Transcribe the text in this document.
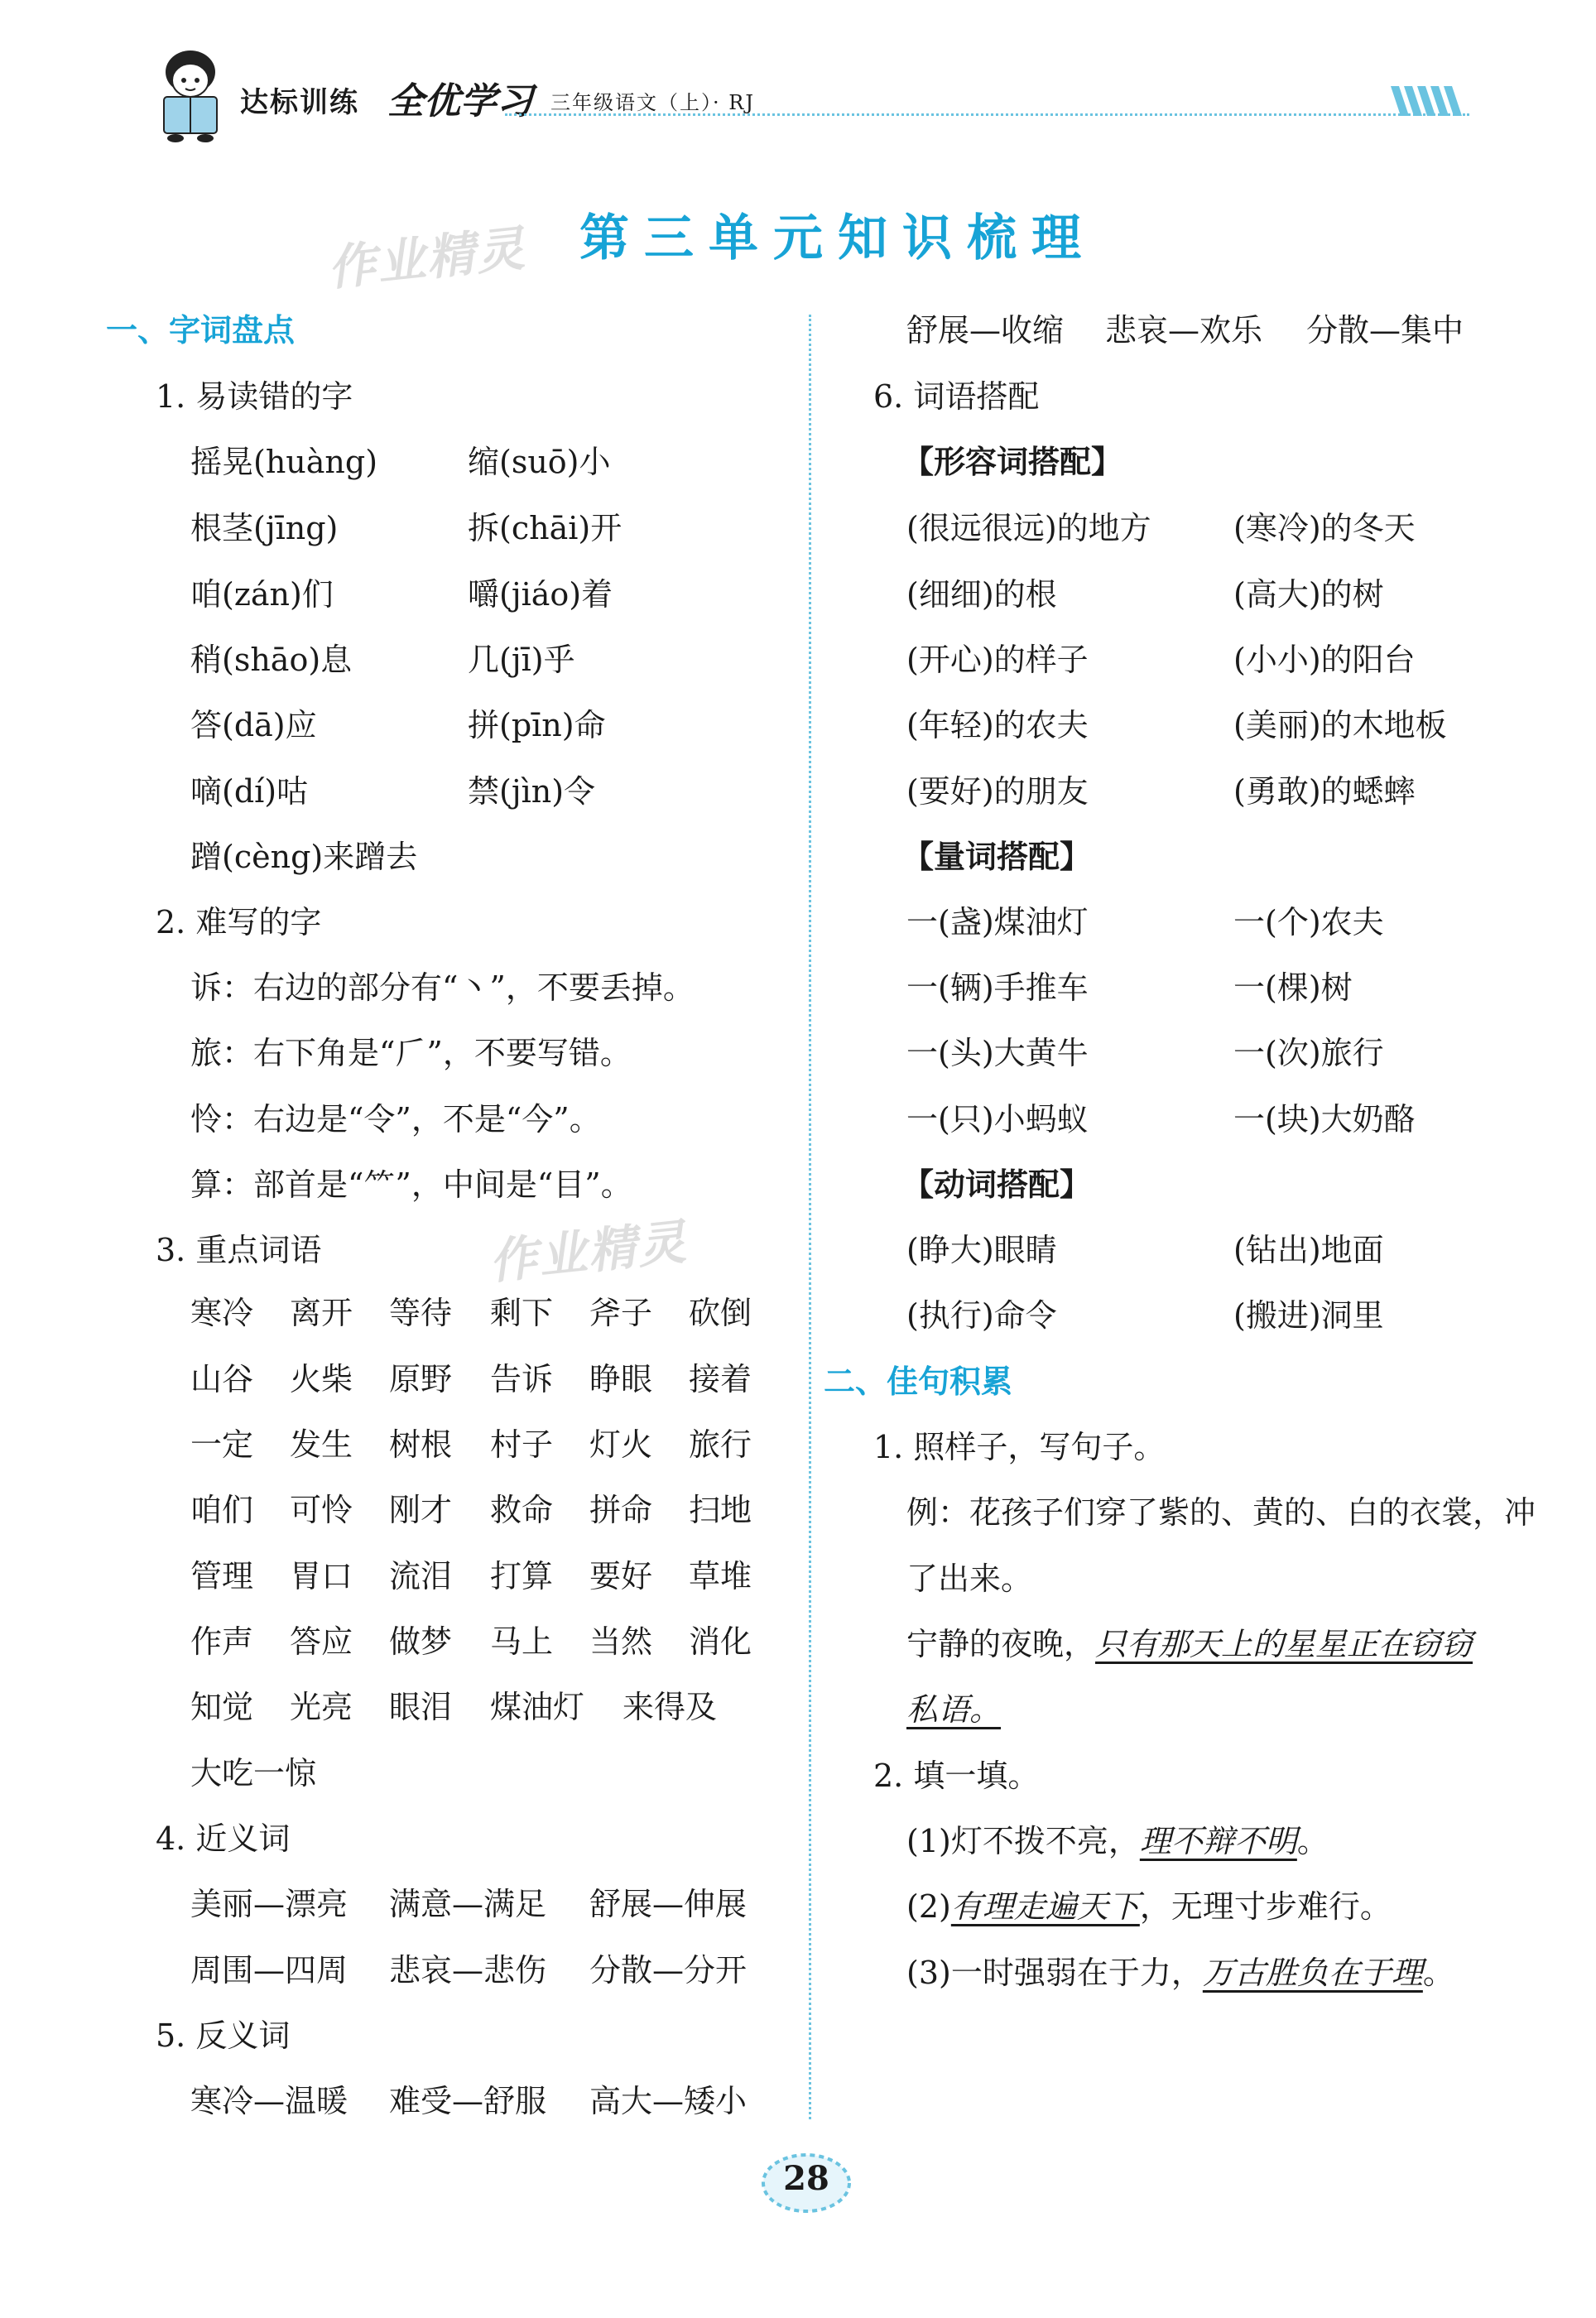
达标训练 全优学习 三年级语文（上）· RJ
作业精灵 第三单元知识梳理
作业精灵
一、字词盘点
1. 易读错的字
摇晃(huàng)	缩(suō)小
根茎(jīng)	拆(chāi)开
咱(zán)们	嚼(jiáo)着
稍(shāo)息	几(jī)乎
答(dā)应	拼(pīn)命
嘀(dí)咕	禁(jìn)令
蹭(cèng)来蹭去
2. 难写的字
诉：右边的部分有“丶”，不要丢掉。
旅：右下角是“𠂆”，不要写错。
怜：右边是“令”，不是“今”。
算：部首是“⺮”，中间是“目”。
3. 重点词语
寒冷 离开 等待 剩下 斧子 砍倒
山谷 火柴 原野 告诉 睁眼 接着
一定 发生 树根 村子 灯火 旅行
咱们 可怜 刚才 救命 拼命 扫地
管理 胃口 流泪 打算 要好 草堆
作声 答应 做梦 马上 当然 消化
知觉 光亮 眼泪 煤油灯 来得及
大吃一惊
4. 近义词
美丽—漂亮 满意—满足 舒展—伸展
周围—四周 悲哀—悲伤 分散—分开
5. 反义词
寒冷—温暖 难受—舒服 高大—矮小
舒展—收缩 悲哀—欢乐 分散—集中
6. 词语搭配
【形容词搭配】
(很远很远)的地方	(寒冷)的冬天
(细细)的根	(高大)的树
(开心)的样子	(小小)的阳台
(年轻)的农夫	(美丽)的木地板
(要好)的朋友	(勇敢)的蟋蟀
【量词搭配】
一(盏)煤油灯	一(个)农夫
一(辆)手推车	一(棵)树
一(头)大黄牛	一(次)旅行
一(只)小蚂蚁	一(块)大奶酪
【动词搭配】
(睁大)眼睛	(钻出)地面
(执行)命令	(搬进)洞里
二、佳句积累
1. 照样子，写句子。
例：花孩子们穿了紫的、黄的、白的衣裳，冲
了出来。
宁静的夜晚，只有那天上的星星正在窃窃
私语。
2. 填一填。
(1)灯不拨不亮，理不辩不明。
(2)有理走遍天下，无理寸步难行。
(3)一时强弱在于力，万古胜负在于理。
28
